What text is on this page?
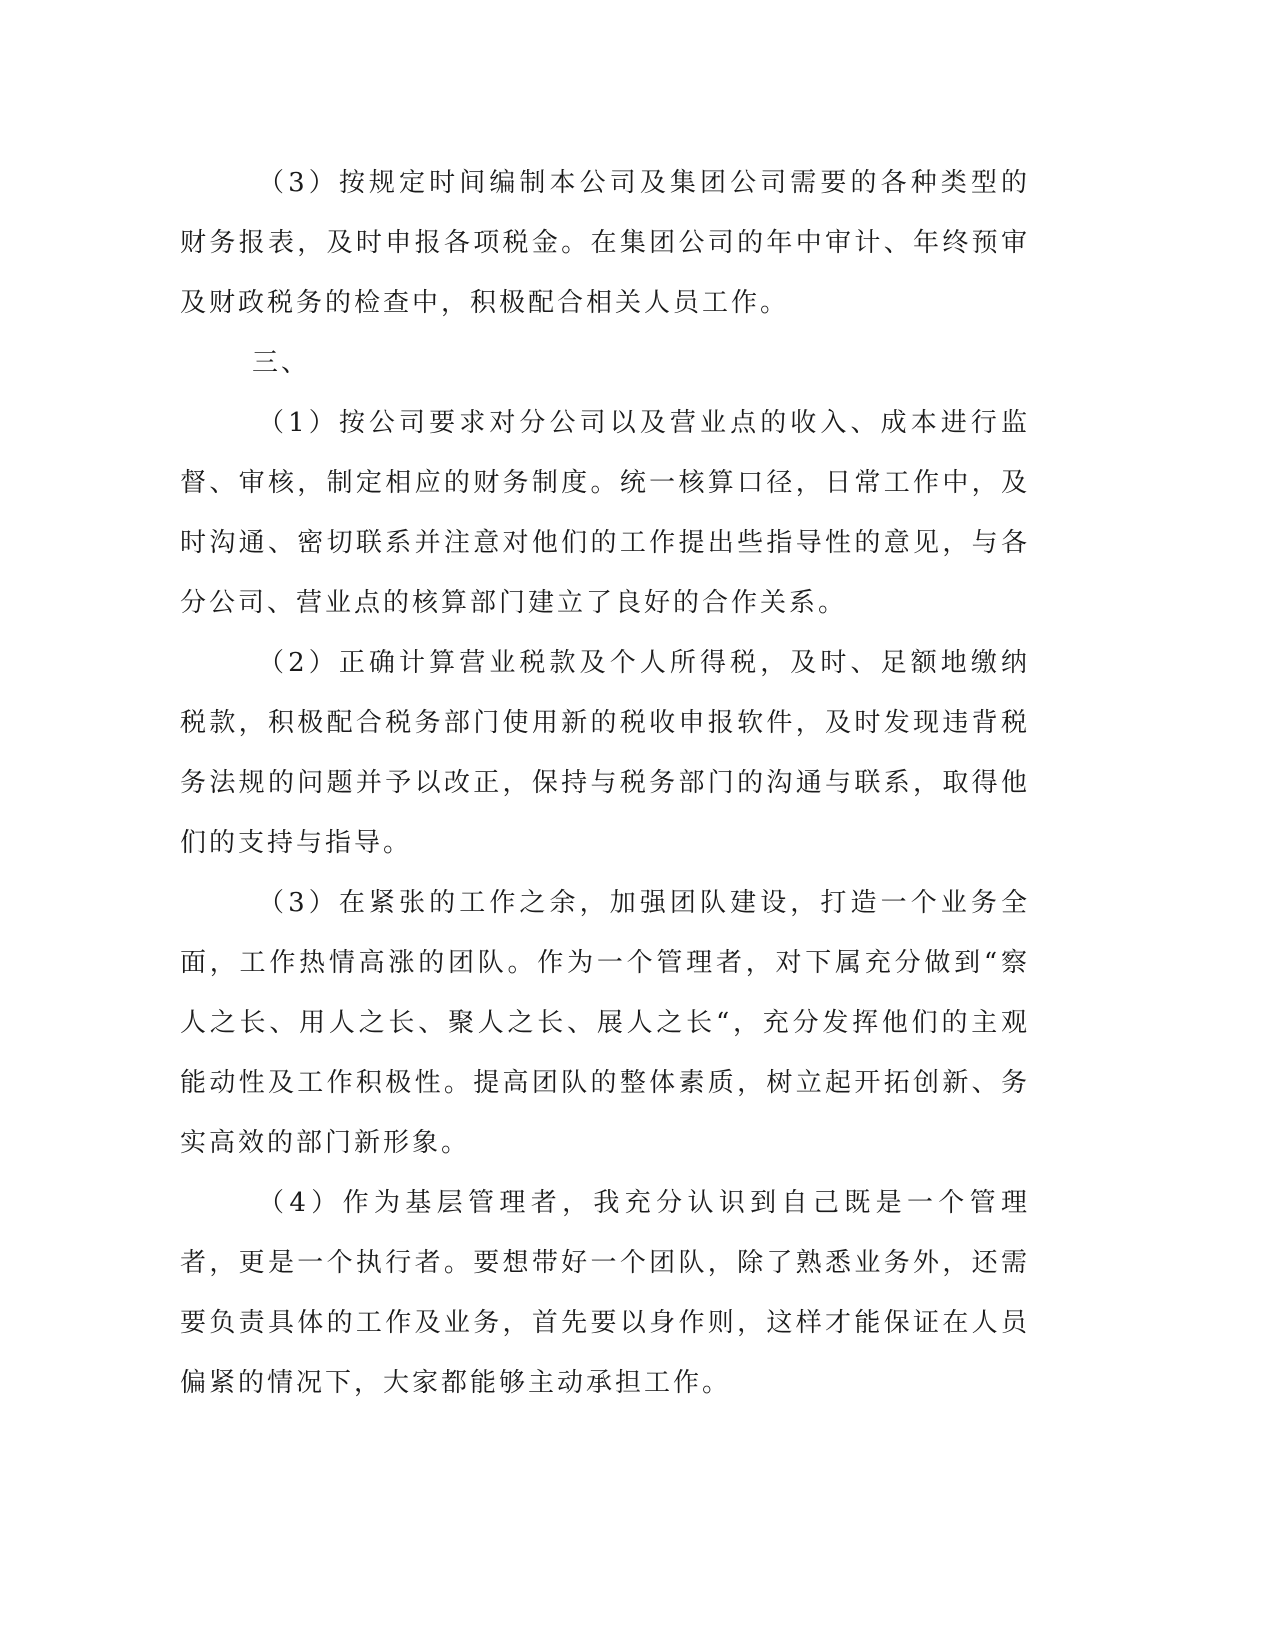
（3）按规定时间编制本公司及集团公司需要的各种类型的财务报表，及时申报各项税金。在集团公司的年中审计、年终预审及财政税务的检查中，积极配合相关人员工作。

三、

（1）按公司要求对分公司以及营业点的收入、成本进行监督、审核，制定相应的财务制度。统一核算口径，日常工作中，及时沟通、密切联系并注意对他们的工作提出些指导性的意见，与各分公司、营业点的核算部门建立了良好的合作关系。

（2）正确计算营业税款及个人所得税，及时、足额地缴纳税款，积极配合税务部门使用新的税收申报软件，及时发现违背税务法规的问题并予以改正，保持与税务部门的沟通与联系，取得他们的支持与指导。

（3）在紧张的工作之余，加强团队建设，打造一个业务全面，工作热情高涨的团队。作为一个管理者，对下属充分做到“察人之长、用人之长、聚人之长、展人之长“，充分发挥他们的主观能动性及工作积极性。提高团队的整体素质，树立起开拓创新、务实高效的部门新形象。

（4）作为基层管理者，我充分认识到自己既是一个管理者，更是一个执行者。要想带好一个团队，除了熟悉业务外，还需要负责具体的工作及业务，首先要以身作则，这样才能保证在人员偏紧的情况下，大家都能够主动承担工作。
